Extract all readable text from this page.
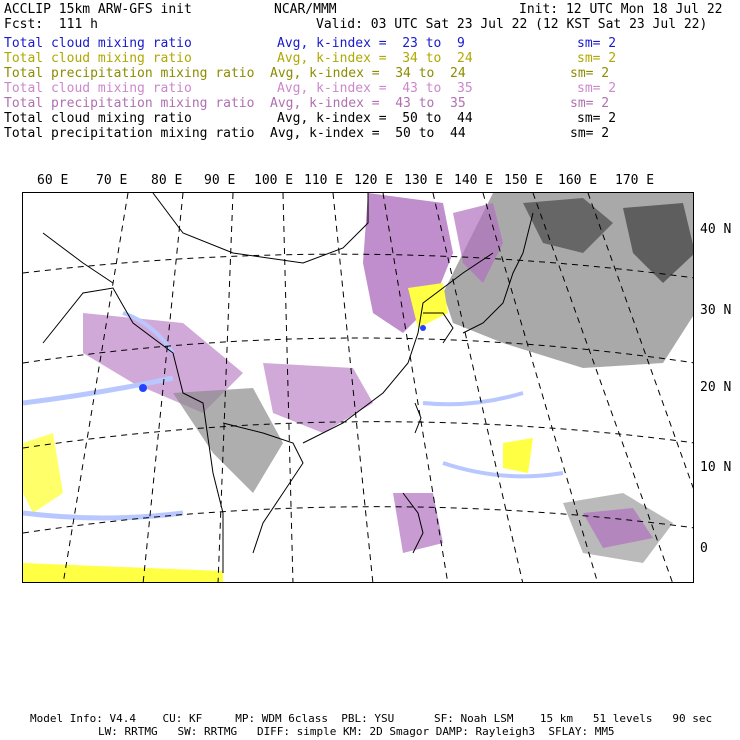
ACCLIP 15km ARW-GFS init	NCAR/MMM	Init: 12 UTC Mon 18 Jul 22
Fcst:  111 h	Valid: 03 UTC Sat 23 Jul 22 (12 KST Sat 23 Jul 22)
Total cloud mixing ratio	Avg, k-index =  23 to  9	sm= 2
Total cloud mixing ratio	Avg, k-index =  34 to  24	sm= 2
Total precipitation mixing ratio Avg, k-index =  34 to  24	sm= 2
Total cloud mixing ratio	Avg, k-index =  43 to  35	sm= 2
Total precipitation mixing ratio Avg, k-index =  43 to  35	sm= 2
Total cloud mixing ratio	Avg, k-index =  50 to  44	sm= 2
Total precipitation mixing ratio Avg, k-index =  50 to  44	sm= 2
60 E 70 E 80 E 90 E 100 E 110 E 120 E 130 E 140 E 150 E 160 E 170 E
40 N
30 N
20 N
10 N
0
Model Info: V4.4    CU: KF     MP: WDM 6class  PBL: YSU      SF: Noah LSM    15 km   51 levels   90 sec
LW: RRTMG   SW: RRTMG   DIFF: simple KM: 2D Smagor DAMP: Rayleigh3  SFLAY: MM5
